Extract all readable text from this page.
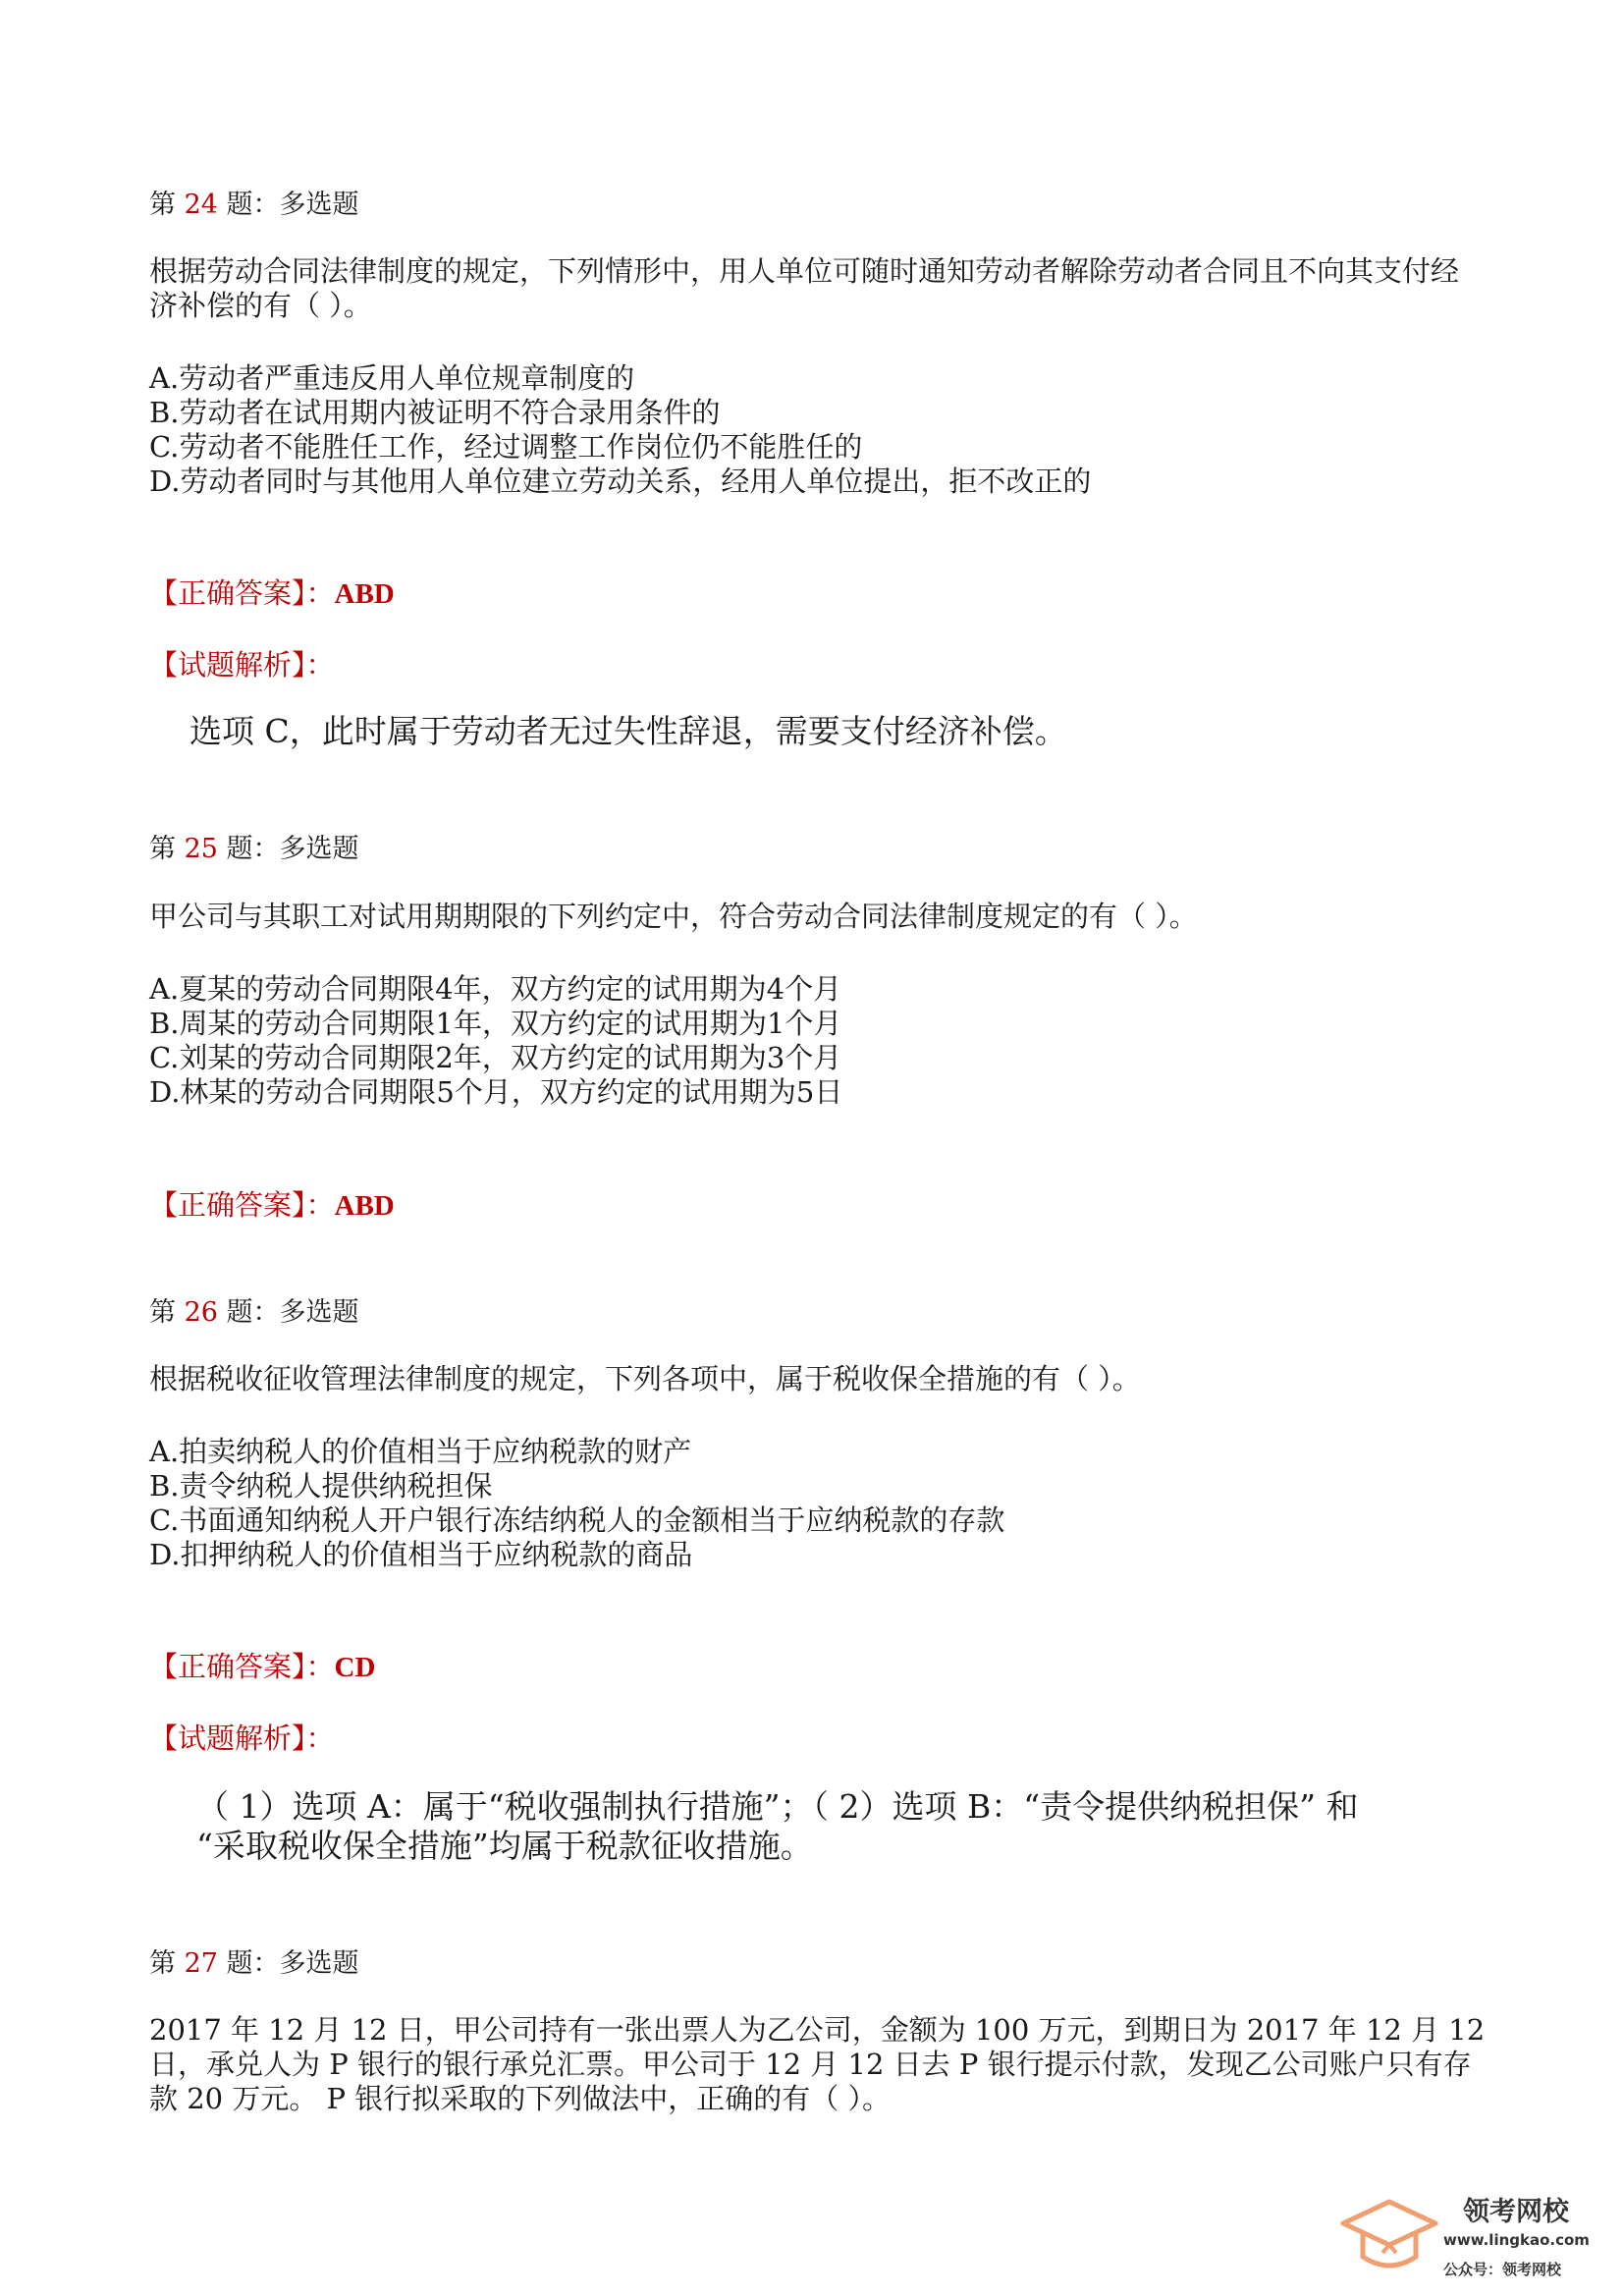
第 24 题：多选题
根据劳动合同法律制度的规定，下列情形中，用人单位可随时通知劳动者解除劳动者合同且不向其支付经济补偿的有（ ）。
A.劳动者严重违反用人单位规章制度的
B.劳动者在试用期内被证明不符合录用条件的
C.劳动者不能胜任工作，经过调整工作岗位仍不能胜任的
D.劳动者同时与其他用人单位建立劳动关系，经用人单位提出，拒不改正的
【正确答案】：ABD
【试题解析】：
选项 C，此时属于劳动者无过失性辞退，需要支付经济补偿。
第 25 题：多选题
甲公司与其职工对试用期期限的下列约定中，符合劳动合同法律制度规定的有（ ）。
A.夏某的劳动合同期限4年，双方约定的试用期为4个月
B.周某的劳动合同期限1年，双方约定的试用期为1个月
C.刘某的劳动合同期限2年，双方约定的试用期为3个月
D.林某的劳动合同期限5个月，双方约定的试用期为5日
【正确答案】：ABD
第 26 题：多选题
根据税收征收管理法律制度的规定，下列各项中，属于税收保全措施的有（ ）。
A.拍卖纳税人的价值相当于应纳税款的财产
B.责令纳税人提供纳税担保
C.书面通知纳税人开户银行冻结纳税人的金额相当于应纳税款的存款
D.扣押纳税人的价值相当于应纳税款的商品
【正确答案】：CD
【试题解析】：
（ 1）选项 A：属于“税收强制执行措施”；（ 2）选项 B：“责令提供纳税担保” 和
“采取税收保全措施”均属于税款征收措施。
第 27 题：多选题
2017 年 12 月 12 日，甲公司持有一张出票人为乙公司，金额为 100 万元，到期日为 2017 年 12 月 12
日，承兑人为 P 银行的银行承兑汇票。甲公司于 12 月 12 日去 P 银行提示付款，发现乙公司账户只有存
款 20 万元。 P 银行拟采取的下列做法中，正确的有（ ）。
领考网校
www.lingkao.com
公众号：领考网校
